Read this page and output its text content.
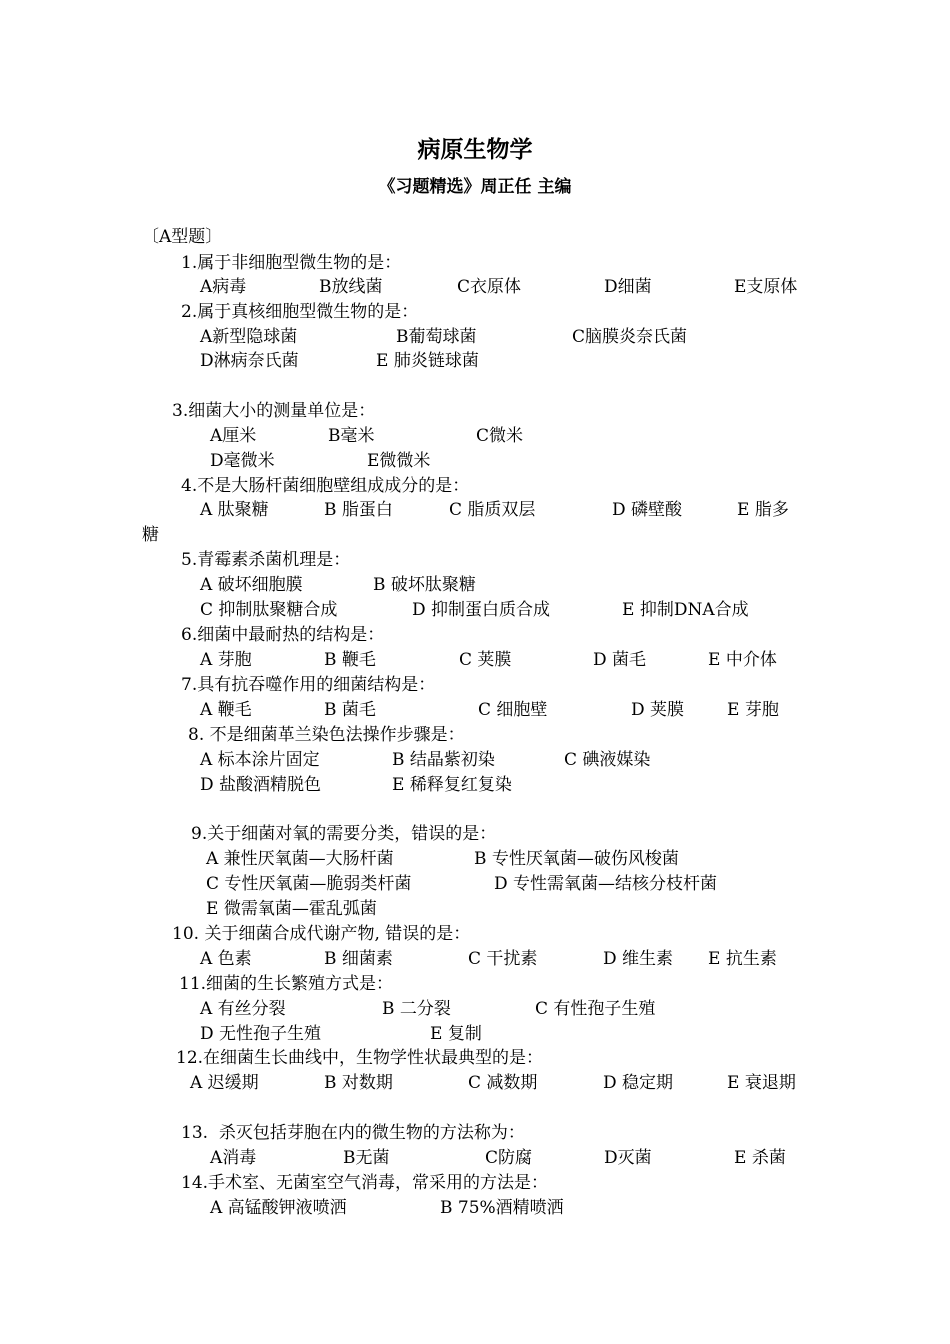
病原生物学
《习题精选》周正任 主编
〔A型题〕
1.属于非细胞型微生物的是：
A病毒	B放线菌	C衣原体	D细菌	E支原体
2.属于真核细胞型微生物的是：
A新型隐球菌	B葡萄球菌	C脑膜炎奈氏菌
D淋病奈氏菌	E 肺炎链球菌
3.细菌大小的测量单位是：
A厘米	B毫米	C微米
D毫微米	E微微米
4.不是大肠杆菌细胞壁组成成分的是：
A 肽聚糖	B 脂蛋白	C 脂质双层	D 磷壁酸	E 脂多
糖
5.青霉素杀菌机理是：
A 破坏细胞膜	B 破坏肽聚糖
C 抑制肽聚糖合成	D 抑制蛋白质合成	E 抑制DNA合成
6.细菌中最耐热的结构是：
A 芽胞	B 鞭毛	C 荚膜	D 菌毛	E 中介体
7.具有抗吞噬作用的细菌结构是：
A 鞭毛	B 菌毛	C 细胞壁	D 荚膜	E 芽胞
8. 不是细菌革兰染色法操作步骤是：
A 标本涂片固定	B 结晶紫初染	C 碘液媒染
D 盐酸酒精脱色	E 稀释复红复染
9.关于细菌对氧的需要分类，错误的是：
A 兼性厌氧菌—大肠杆菌	B 专性厌氧菌—破伤风梭菌
C 专性厌氧菌—脆弱类杆菌	D 专性需氧菌—结核分枝杆菌
E 微需氧菌—霍乱弧菌
10. 关于细菌合成代谢产物, 错误的是：
A 色素	B 细菌素	C 干扰素	D 维生素 E 抗生素
11.细菌的生长繁殖方式是：
A 有丝分裂	B 二分裂	C 有性孢子生殖
D 无性孢子生殖	E 复制
12.在细菌生长曲线中，生物学性状最典型的是：
A 迟缓期	B 对数期	C 减数期	D 稳定期	E 衰退期
13.  杀灭包括芽胞在内的微生物的方法称为：
A消毒	B无菌	C防腐	D灭菌	E 杀菌
14.手术室、无菌室空气消毒，常采用的方法是：
A 高锰酸钾液喷洒	B 75%酒精喷洒
